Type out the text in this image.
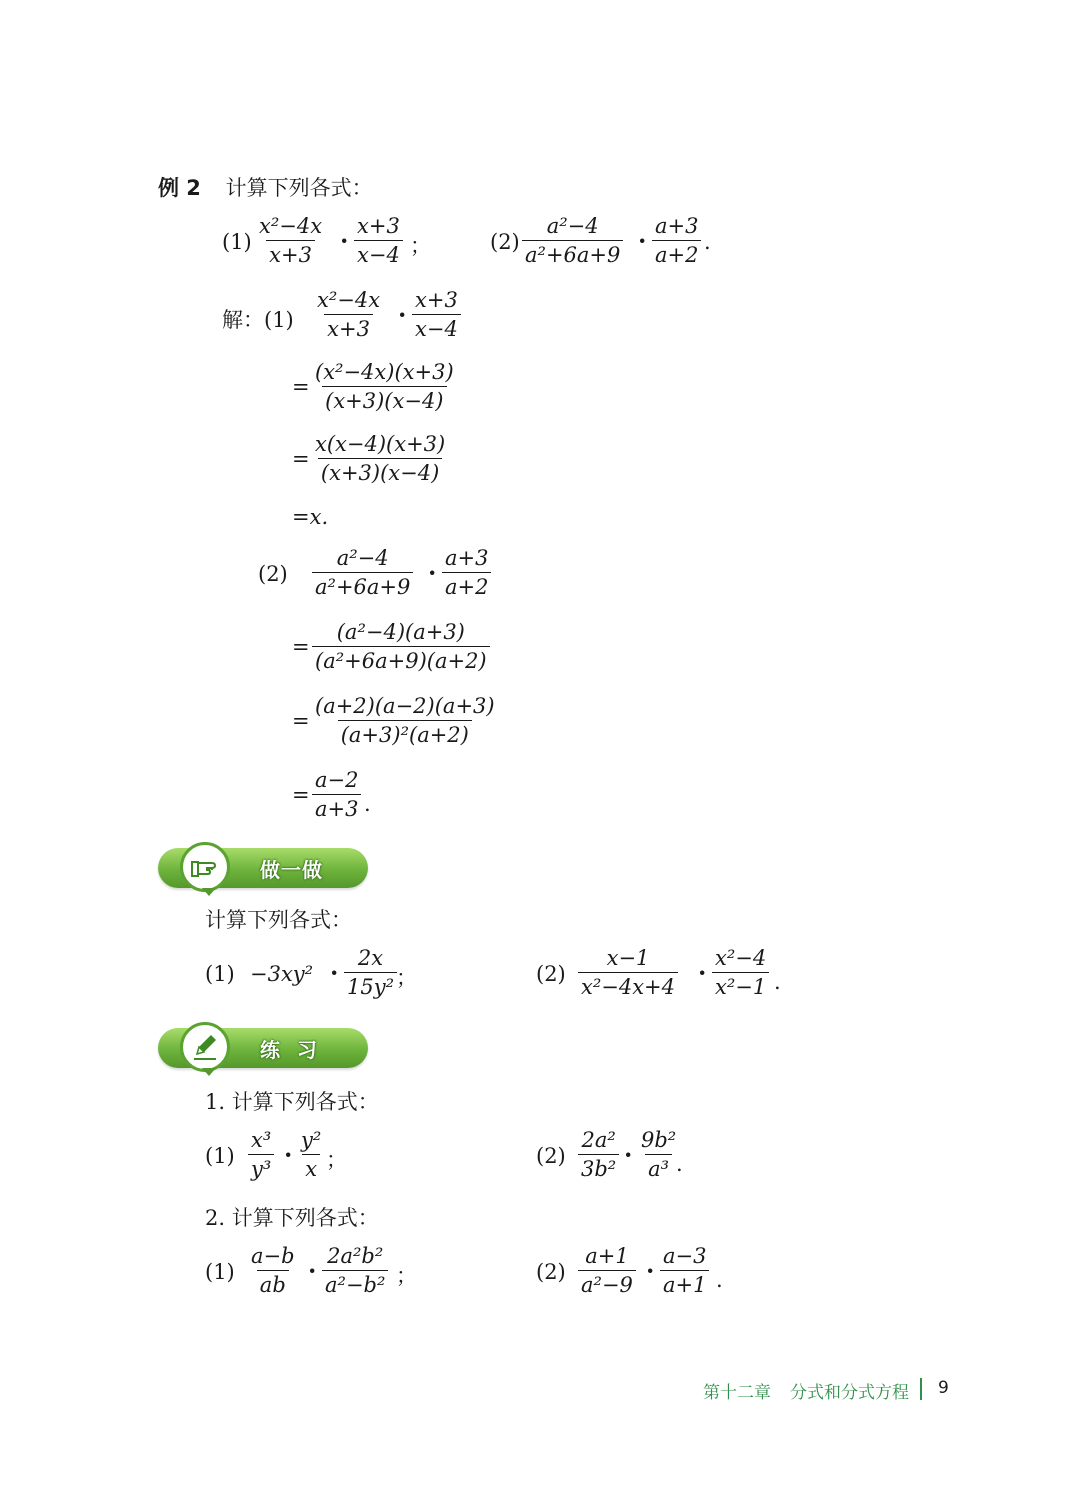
例 2 计算下列各式：
$(1) \frac{\text{x²−4x}}{x+3} \cdot \frac{x+3}{x-4}$ ；	$(2) \frac{\text{a²−4}}{\text{a²+6a+9}} \cdot \frac{a+3}{a+2}$ .
解：$(1) \frac{\text{x²−4x}}{x+3} \cdot \frac{x+3}{x-4}$
= $\frac{\text{(x²−4x)(x+3)}}{(x+3)(x-4)}$
= $\frac{x(x-4)(x+3)}{(x+3)(x-4)}$
=x.
$(2) \frac{\text{a²−4}}{\text{a²+6a+9}} \cdot \frac{a+3}{a+2}$
= $\frac{\text{(a²−4)(a+3)}}{\text{(a²+6a+9)(a+2)}}$
= $\frac{(a+2)(a-2)(a+3)}{\text{(a+3)²(a+2)}}$
= $\frac{a-2}{a+3}$ .
做一做
计算下列各式：
$(1) -3xy^2 \cdot \frac{2x}{\text{15y²}}$
；	$(2) \frac{x-1}{\text{x²−4x+4}} \cdot \frac{\text{x²−4}}{\text{x²−1}}$ .
练  习
1. 计算下列各式：
$(1) \frac{\text{x³}}{\text{y³}} \cdot \frac{\text{y²}}{x}$ ；	$(2) \frac{\text{2a²}}{\text{3b²}} \cdot \frac{\text{9b²}}{\text{a³}}$
.
2. 计算下列各式：
$(1) \frac{a-b}{ab} \cdot \frac{\text{2a²b²}}{\text{a²−b²}}$ ；	$(2) \frac{a+1}{\text{a²−9}} \cdot \frac{a-3}{a+1}$ .
第十二章 分式和分式方程 9
